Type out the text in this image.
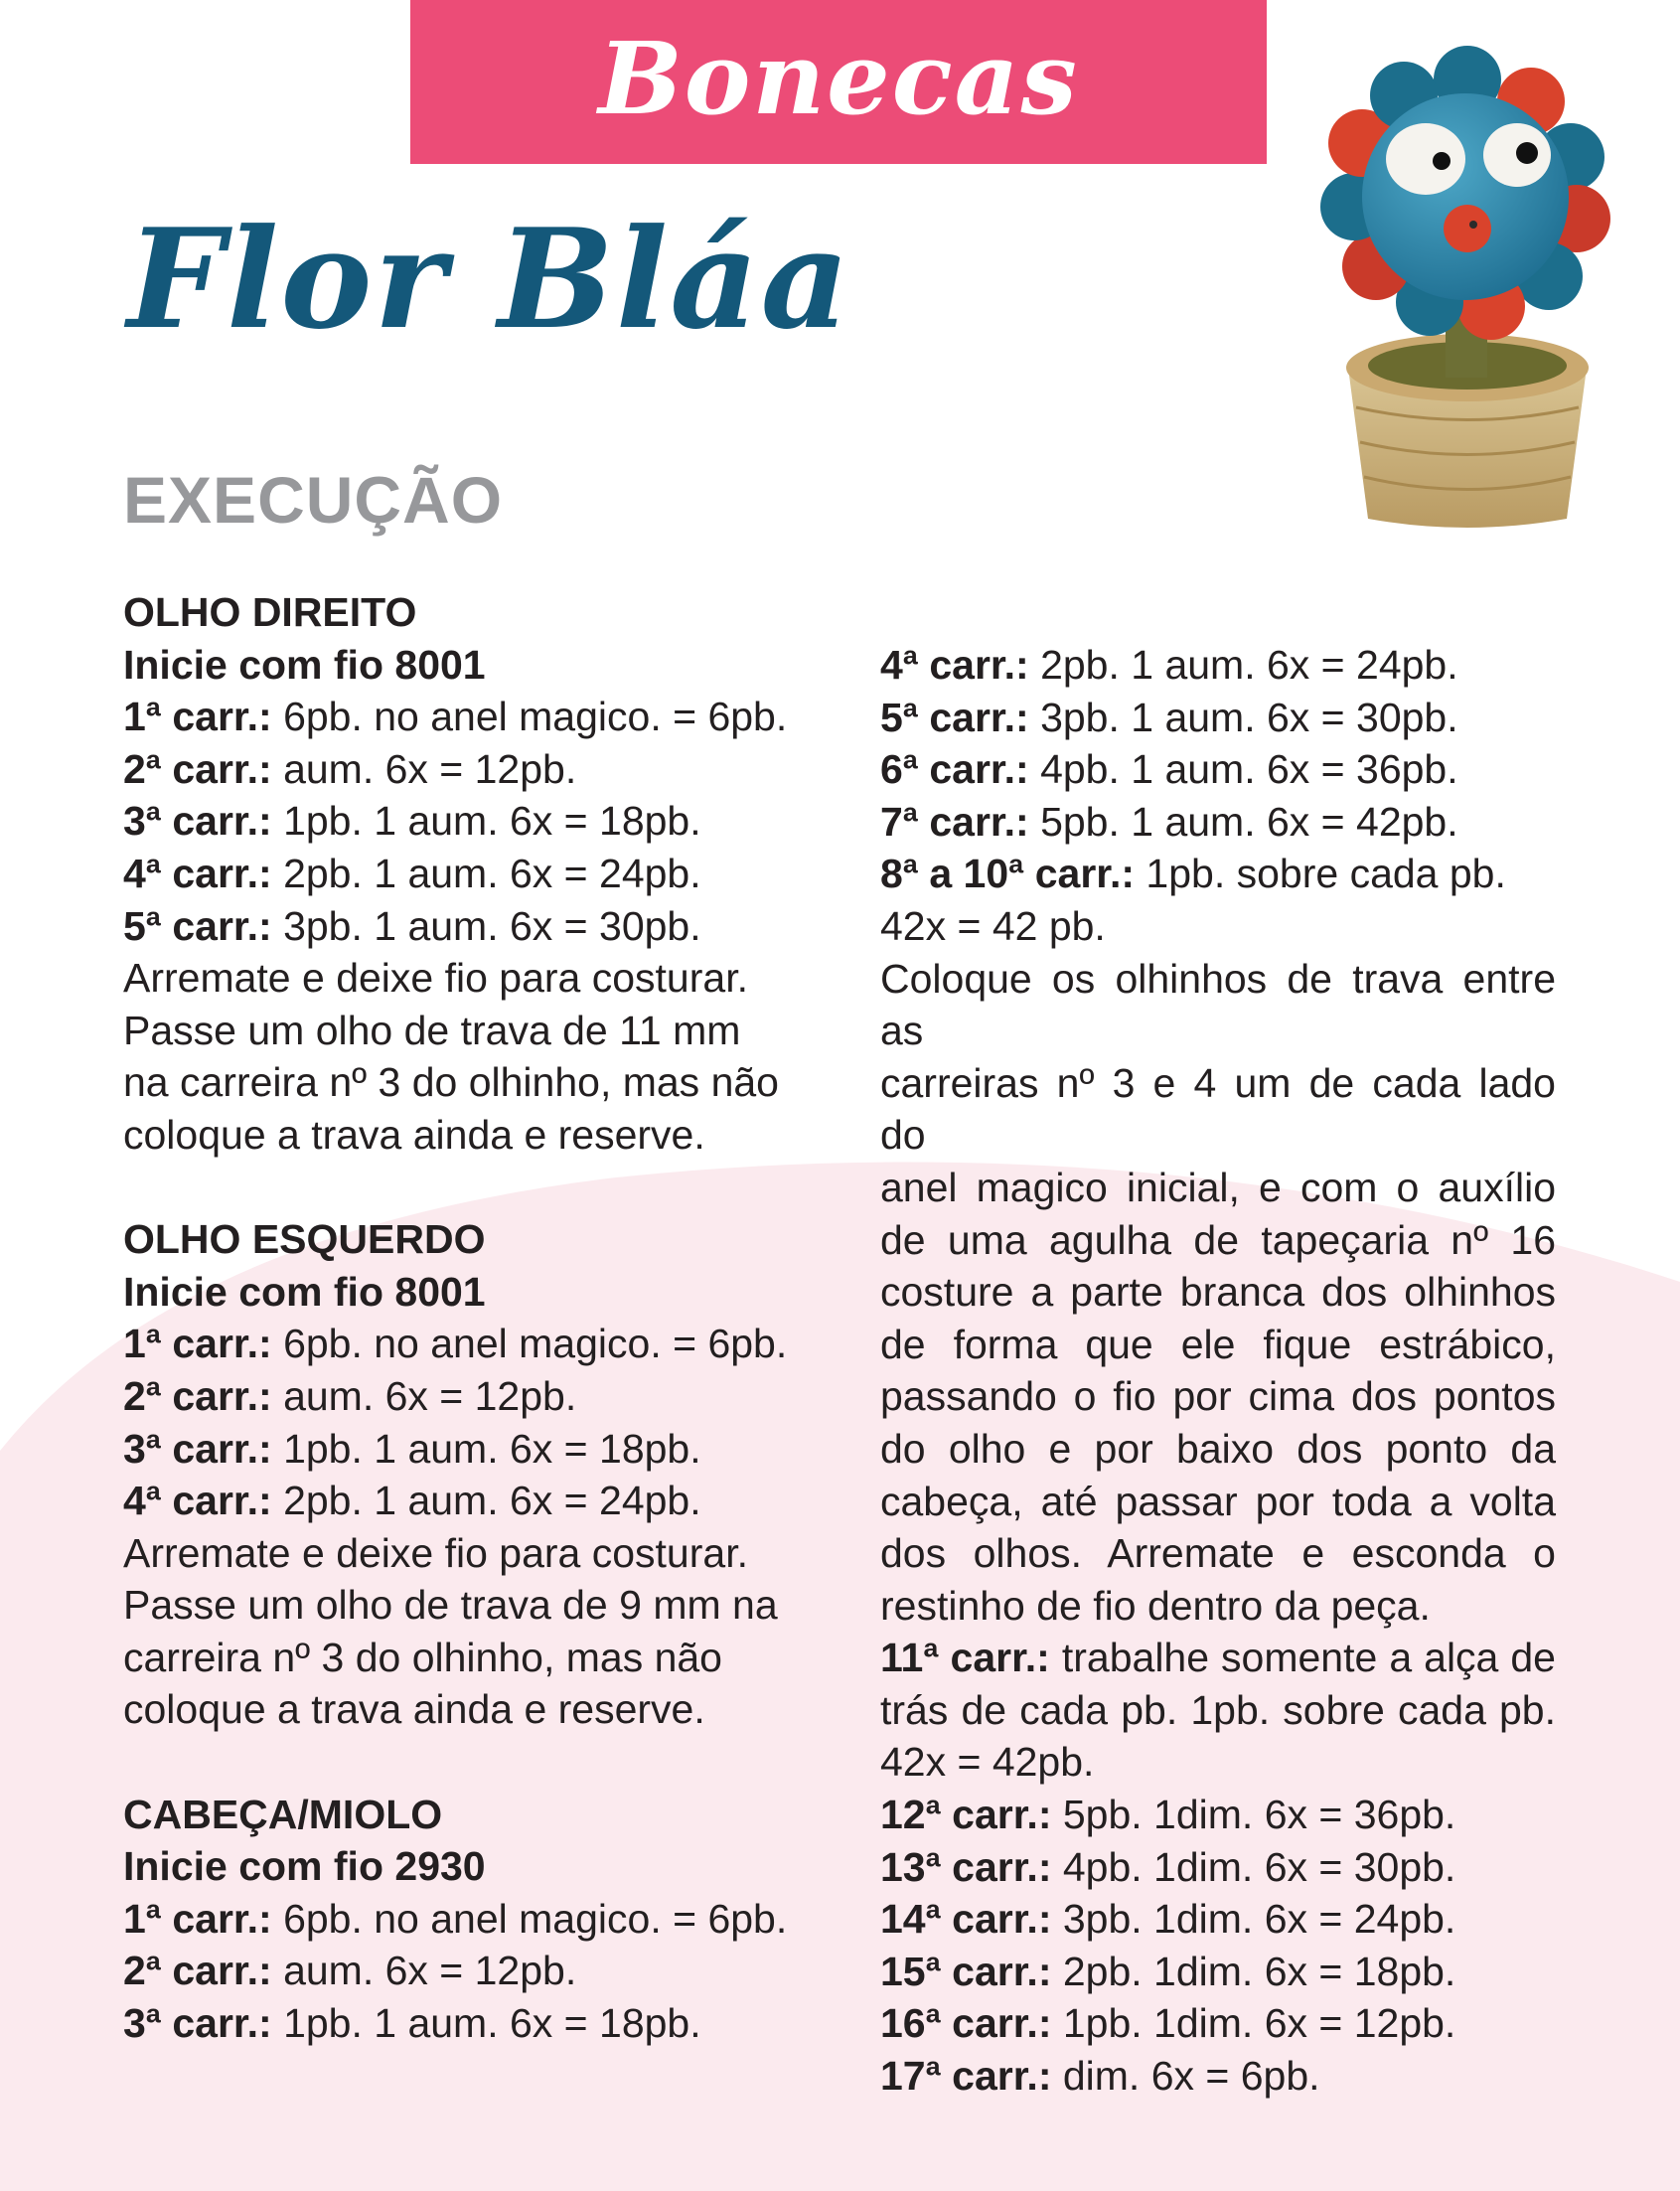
Bonecas
Flor Bláa
EXECUÇÃO
OLHO DIREITO
Inicie com fio 8001
1ª carr.: 6pb. no anel magico. = 6pb.
2ª carr.: aum. 6x = 12pb.
3ª carr.: 1pb. 1 aum. 6x = 18pb.
4ª carr.: 2pb. 1 aum. 6x = 24pb.
5ª carr.: 3pb. 1 aum. 6x = 30pb.
Arremate e deixe fio para costurar.
Passe um olho de trava de 11 mm
na carreira nº 3 do olhinho, mas não
coloque a trava ainda e reserve.
OLHO ESQUERDO
Inicie com fio 8001
1ª carr.: 6pb. no anel magico. = 6pb.
2ª carr.: aum. 6x = 12pb.
3ª carr.: 1pb. 1 aum. 6x = 18pb.
4ª carr.: 2pb. 1 aum. 6x = 24pb.
Arremate e deixe fio para costurar.
Passe um olho de trava de 9 mm na
carreira nº 3 do olhinho, mas não
coloque a trava ainda e reserve.
CABEÇA/MIOLO
Inicie com fio 2930
1ª carr.: 6pb. no anel magico. = 6pb.
2ª carr.: aum. 6x = 12pb.
3ª carr.: 1pb. 1 aum. 6x = 18pb.
4ª carr.: 2pb. 1 aum. 6x = 24pb.
5ª carr.: 3pb. 1 aum. 6x = 30pb.
6ª carr.: 4pb. 1 aum. 6x = 36pb.
7ª carr.: 5pb. 1 aum. 6x = 42pb.
8ª a 10ª carr.: 1pb. sobre cada pb.
42x = 42 pb.
Coloque os olhinhos de trava entre as
carreiras nº 3 e 4 um de cada lado do
anel magico inicial, e com o auxílio
de uma agulha de tapeçaria nº 16
costure a parte branca dos olhinhos
de forma que ele fique estrábico,
passando o fio por cima dos pontos
do olho e por baixo dos ponto da
cabeça, até passar por toda a volta
dos olhos. Arremate e esconda o
restinho de fio dentro da peça.
11ª carr.: trabalhe somente a alça de
trás de cada pb. 1pb. sobre cada pb.
42x = 42pb.
12ª carr.: 5pb. 1dim. 6x = 36pb.
13ª carr.: 4pb. 1dim. 6x = 30pb.
14ª carr.: 3pb. 1dim. 6x = 24pb.
15ª carr.: 2pb. 1dim. 6x = 18pb.
16ª carr.: 1pb. 1dim. 6x = 12pb.
17ª carr.: dim. 6x = 6pb.
